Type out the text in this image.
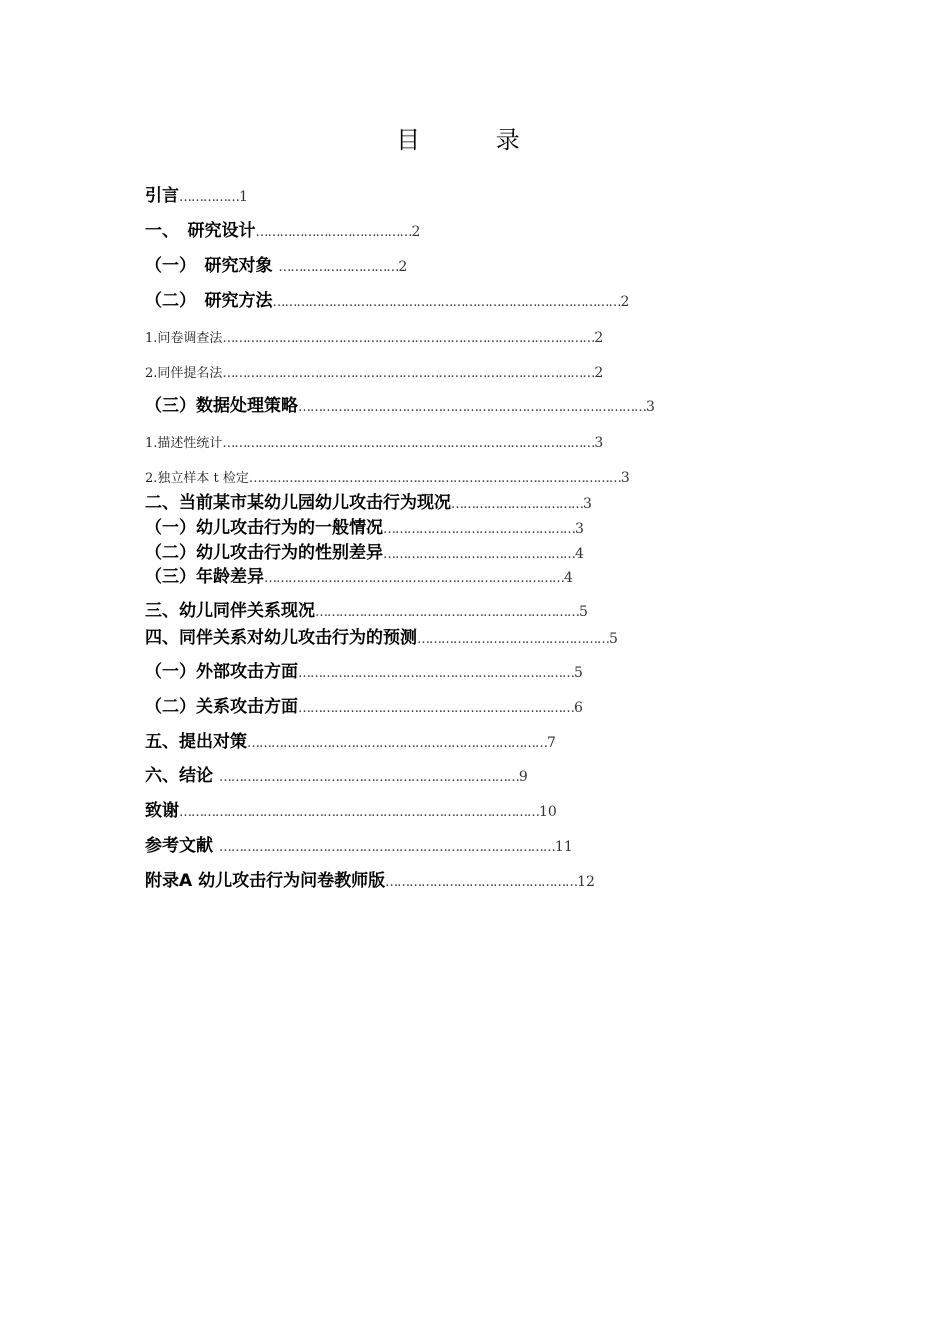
目 录
引言……………1
一、　研究设计…………………………………2
（一）　研究对象 …………………………2
（二）　研究方法……………………………………………………………………………2
1.问卷调查法…………………………………………………………………………………2
2.同伴提名法…………………………………………………………………………………2
（三）数据处理策略……………………………………………………………………………3
1.描述性统计…………………………………………………………………………………3
2.独立样本 t 检定…………………………………………………………………………………3
二、当前某市某幼儿园幼儿攻击行为现况……………………………3
（一）幼儿攻击行为的一般情况…………………………………………3
（二）幼儿攻击行为的性别差异…………………………………………4
（三）年龄差异…………………………………………………………………4
三、幼儿同伴关系现况…………………………………………………………5
四、同伴关系对幼儿攻击行为的预测…………………………………………5
（一）外部攻击方面……………………………………………………………5
（二）关系攻击方面……………………………………………………………6
五、提出对策…………………………………………………………………7
六、结论 …………………………………………………………………9
致谢………………………………………………………………………………10
参考文献 …………………………………………………………………………11
附录A 幼儿攻击行为问卷教师版…………………………………………12
